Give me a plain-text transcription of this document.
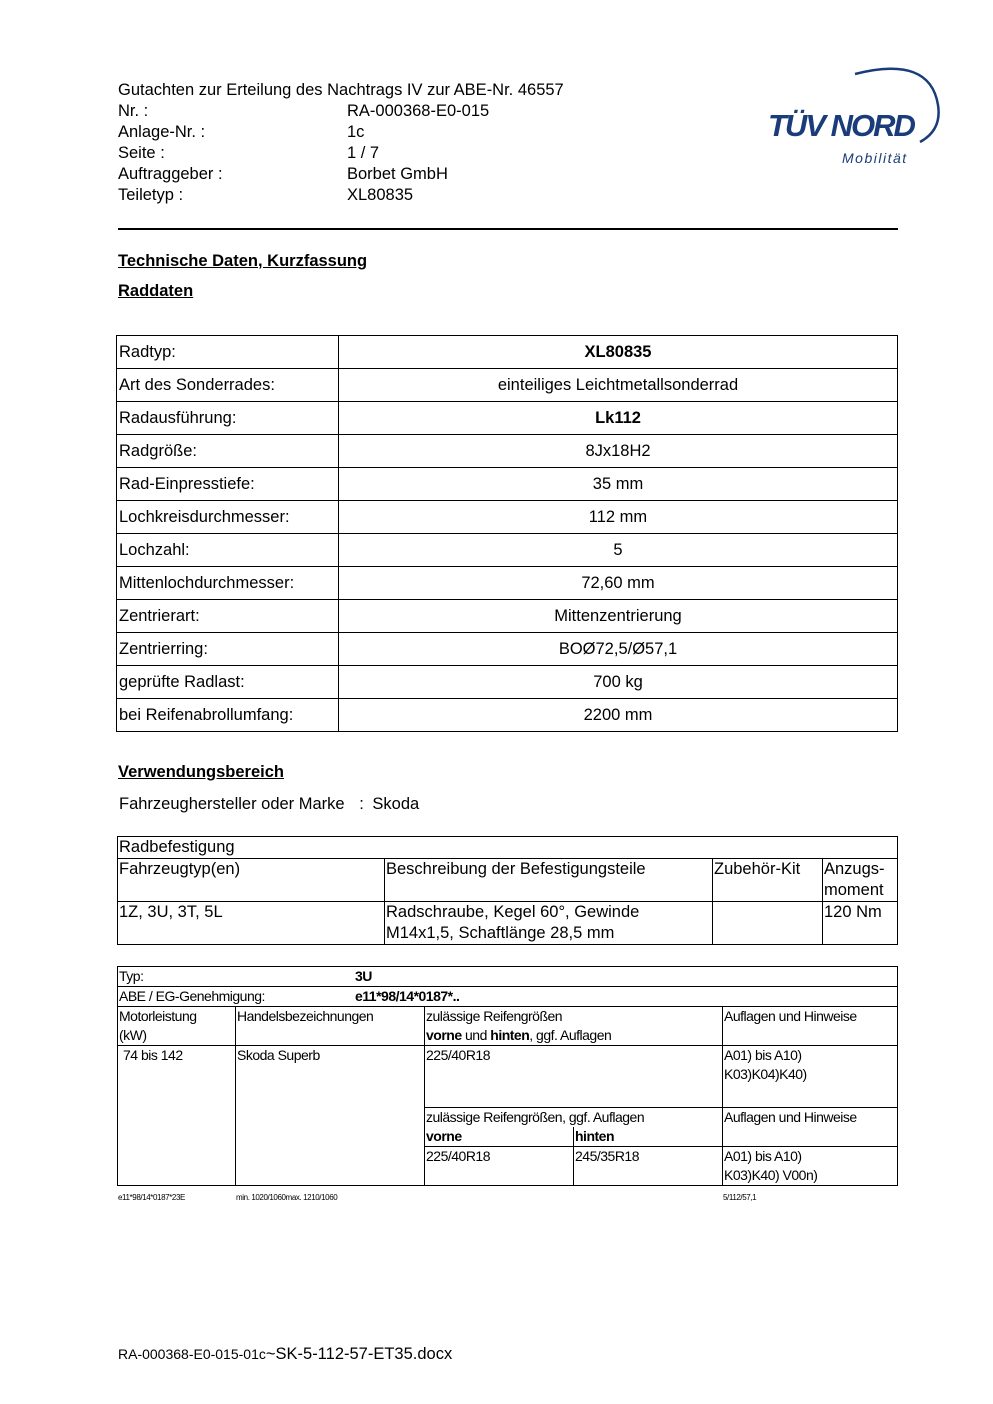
Gutachten zur Erteilung des Nachtrags IV zur ABE-Nr. 46557
Nr. :	RA-000368-E0-015
Anlage-Nr. :	1c
Seite :	1 / 7
Auftraggeber :	Borbet GmbH
Teiletyp :	XL80835
TÜV NORD
Mobilität
Technische Daten, Kurzfassung
Raddaten
Radtyp:	XL80835
Art des Sonderrades:	einteiliges Leichtmetallsonderrad
Radausführung:	Lk112
Radgröße:	8Jx18H2
Rad-Einpresstiefe:	35 mm
Lochkreisdurchmesser:	112 mm
Lochzahl:	5
Mittenlochdurchmesser:	72,60 mm
Zentrierart:	Mittenzentrierung
Zentrierring:	BOØ72,5/Ø57,1
geprüfte Radlast:	700 kg
bei Reifenabrollumfang:	2200 mm
Verwendungsbereich
Fahrzeughersteller oder Marke : Skoda
Radbefestigung			
Fahrzeugtyp(en)	Beschreibung der Befestigungsteile	Zubehör-Kit	Anzugs-
moment
1Z, 3U, 3T, 5L	Radschraube, Kegel 60°, Gewinde
M14x1,5, Schaftlänge 28,5 mm		120 Nm
Typ: 3U				
ABE / EG-Genehmigung: e11*98/14*0187*..				
Motorleistung
(kW)	Handelsbezeichnungen	zulässige Reifengrößen
vorne und hinten, ggf. Auflagen		Auflagen und Hinweise
74 bis 142	Skoda Superb	225/40R18		A01) bis A10)
K03)K04)K40)
		zulässige Reifengrößen, ggf. Auflagen		Auflagen und Hinweise
		vorne	hinten	
		225/40R18	245/35R18	A01) bis A10)
K03)K40) V00n)
e11*98/14*0187*23E	min. 1020/1060max. 1210/1060	5/112/57,1
RA-000368-E0-015-01c~SK-5-112-57-ET35.docx
